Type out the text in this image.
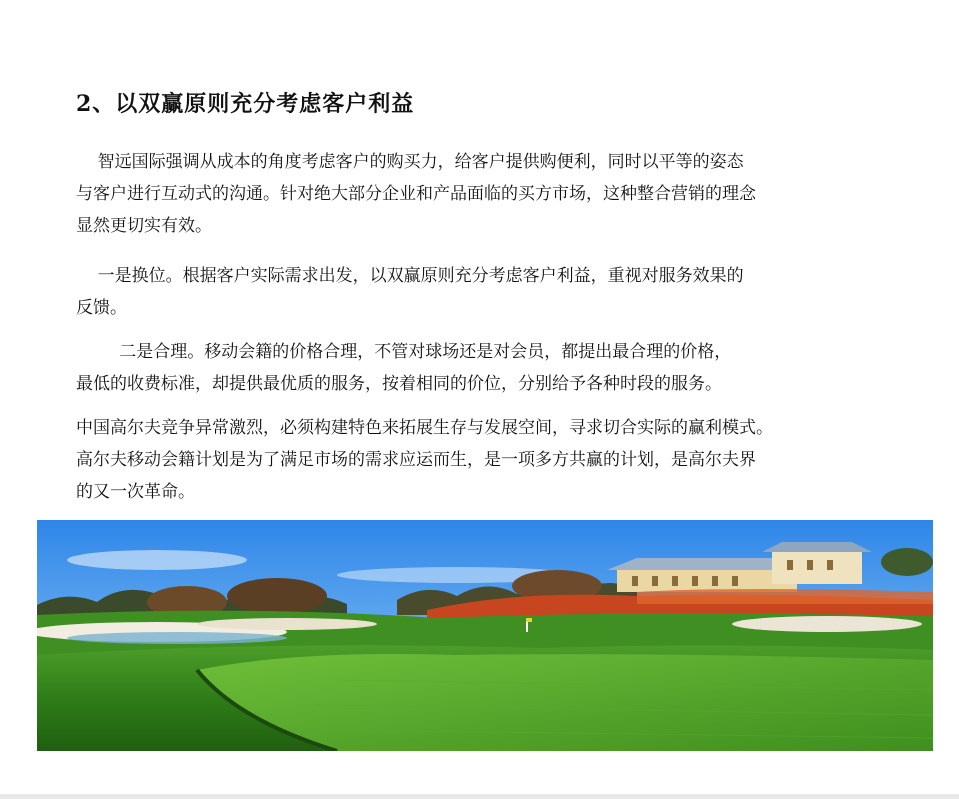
2、以双赢原则充分考虑客户利益

智远国际强调从成本的角度考虑客户的购买力，给客户提供购便利，同时以平等的姿态
与客户进行互动式的沟通。针对绝大部分企业和产品面临的买方市场，这种整合营销的理念
显然更切实有效。

一是换位。根据客户实际需求出发，以双赢原则充分考虑客户利益，重视对服务效果的
反馈。

二是合理。移动会籍的价格合理，不管对球场还是对会员，都提出最合理的价格，
最低的收费标准，却提供最优质的服务，按着相同的价位，分别给予各种时段的服务。

中国高尔夫竞争异常激烈，必须构建特色来拓展生存与发展空间，寻求切合实际的赢利模式。
高尔夫移动会籍计划是为了满足市场的需求应运而生，是一项多方共赢的计划，是高尔夫界
的又一次革命。
